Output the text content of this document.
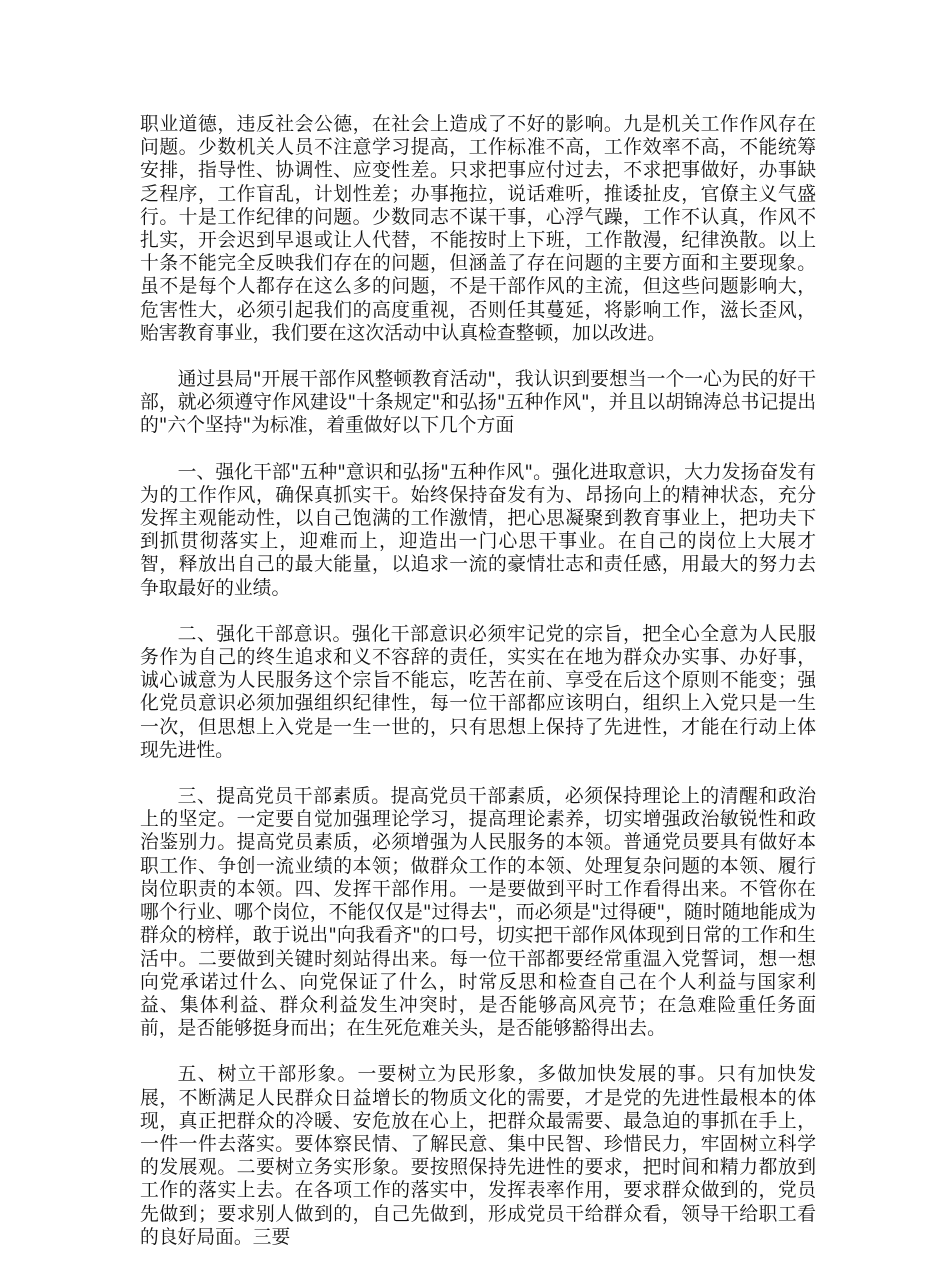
职业道德，违反社会公德，在社会上造成了不好的影响。九是机关工作作风存在问题。少数机关人员不注意学习提高，工作标准不高，工作效率不高，不能统筹安排，指导性、协调性、应变性差。只求把事应付过去，不求把事做好，办事缺乏程序，工作盲乱，计划性差；办事拖拉，说话难听，推诿扯皮，官僚主义气盛行。十是工作纪律的问题。少数同志不谋干事，心浮气躁，工作不认真，作风不扎实，开会迟到早退或让人代替，不能按时上下班，工作散漫，纪律涣散。以上十条不能完全反映我们存在的问题，但涵盖了存在问题的主要方面和主要现象。虽不是每个人都存在这么多的问题，不是干部作风的主流，但这些问题影响大，危害性大，必须引起我们的高度重视，否则任其蔓延，将影响工作，滋长歪风，贻害教育事业，我们要在这次活动中认真检查整顿，加以改进。

通过县局"开展干部作风整顿教育活动"，我认识到要想当一个一心为民的好干部，就必须遵守作风建设"十条规定"和弘扬"五种作风"，并且以胡锦涛总书记提出的"六个坚持"为标准，着重做好以下几个方面

一、强化干部"五种"意识和弘扬"五种作风"。强化进取意识，大力发扬奋发有为的工作作风，确保真抓实干。始终保持奋发有为、昂扬向上的精神状态，充分发挥主观能动性，以自己饱满的工作激情，把心思凝聚到教育事业上，把功夫下到抓贯彻落实上，迎难而上，迎造出一门心思干事业。在自己的岗位上大展才智，释放出自己的最大能量，以追求一流的豪情壮志和责任感，用最大的努力去争取最好的业绩。

二、强化干部意识。强化干部意识必须牢记党的宗旨，把全心全意为人民服务作为自己的终生追求和义不容辞的责任，实实在在地为群众办实事、办好事，诚心诚意为人民服务这个宗旨不能忘，吃苦在前、享受在后这个原则不能变；强化党员意识必须加强组织纪律性，每一位干部都应该明白，组织上入党只是一生一次，但思想上入党是一生一世的，只有思想上保持了先进性，才能在行动上体现先进性。

三、提高党员干部素质。提高党员干部素质，必须保持理论上的清醒和政治上的坚定。一定要自觉加强理论学习，提高理论素养，切实增强政治敏锐性和政治鉴别力。提高党员素质，必须增强为人民服务的本领。普通党员要具有做好本职工作、争创一流业绩的本领；做群众工作的本领、处理复杂问题的本领、履行岗位职责的本领。四、发挥干部作用。一是要做到平时工作看得出来。不管你在哪个行业、哪个岗位，不能仅仅是"过得去"，而必须是"过得硬"，随时随地能成为群众的榜样，敢于说出"向我看齐"的口号，切实把干部作风体现到日常的工作和生活中。二要做到关键时刻站得出来。每一位干部都要经常重温入党誓词，想一想向党承诺过什么、向党保证了什么，时常反思和检查自己在个人利益与国家利益、集体利益、群众利益发生冲突时，是否能够高风亮节；在急难险重任务面前，是否能够挺身而出；在生死危难关头，是否能够豁得出去。

五、树立干部形象。一要树立为民形象，多做加快发展的事。只有加快发展，不断满足人民群众日益增长的物质文化的需要，才是党的先进性最根本的体现，真正把群众的冷暖、安危放在心上，把群众最需要、最急迫的事抓在手上，一件一件去落实。要体察民情、了解民意、集中民智、珍惜民力，牢固树立科学的发展观。二要树立务实形象。要按照保持先进性的要求，把时间和精力都放到工作的落实上去。在各项工作的落实中，发挥表率作用，要求群众做到的，党员先做到；要求别人做到的，自己先做到，形成党员干给群众看，领导干给职工看的良好局面。三要
